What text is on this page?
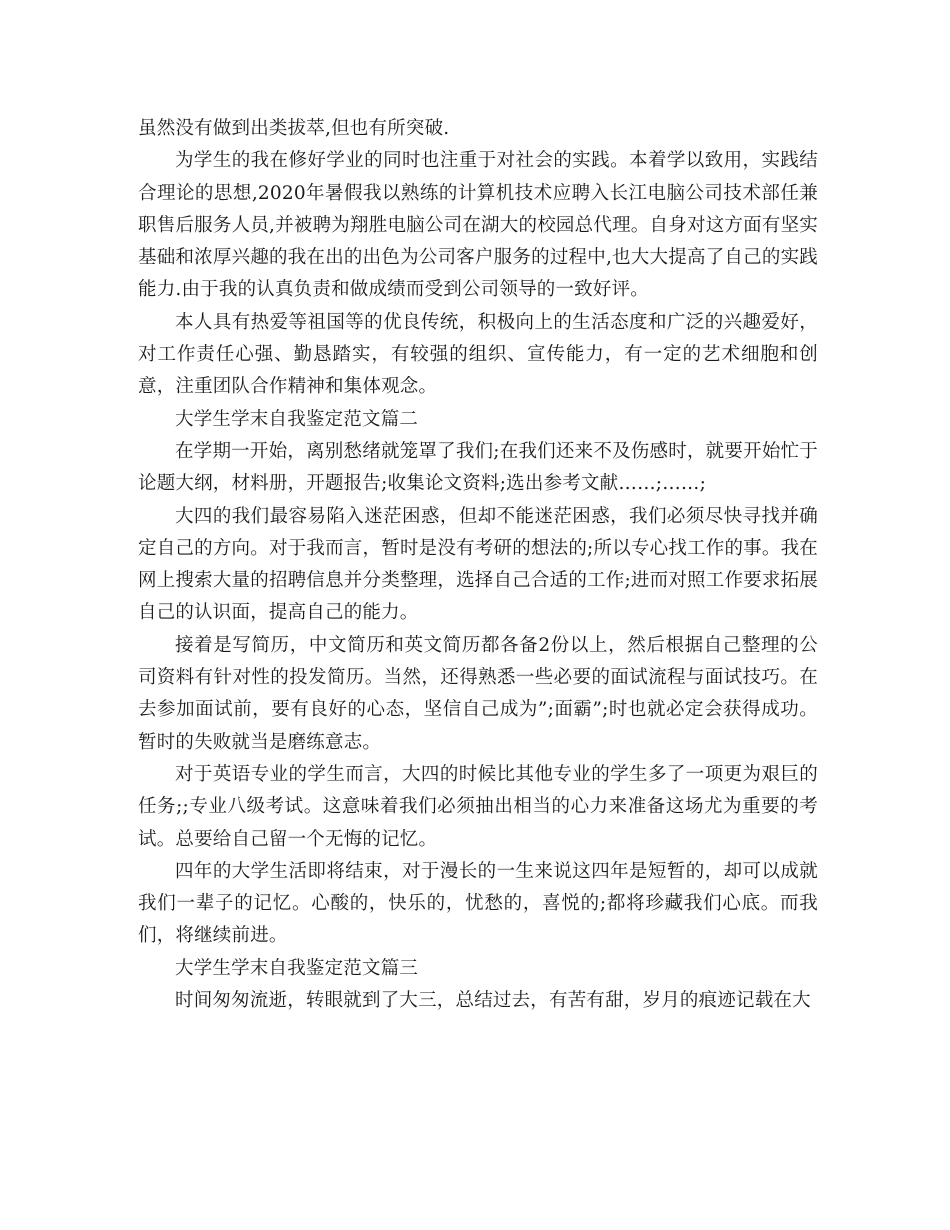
虽然没有做到出类拔萃,但也有所突破.

为学生的我在修好学业的同时也注重于对社会的实践。本着学以致用，实践结合理论的思想,2020年暑假我以熟练的计算机技术应聘入长江电脑公司技术部任兼职售后服务人员,并被聘为翔胜电脑公司在湖大的校园总代理。自身对这方面有坚实基础和浓厚兴趣的我在出的出色为公司客户服务的过程中,也大大提高了自己的实践能力.由于我的认真负责和做成绩而受到公司领导的一致好评。

本人具有热爱等祖国等的优良传统，积极向上的生活态度和广泛的兴趣爱好，对工作责任心强、勤恳踏实，有较强的组织、宣传能力，有一定的艺术细胞和创意，注重团队合作精神和集体观念。

大学生学末自我鉴定范文篇二

在学期一开始，离别愁绪就笼罩了我们;在我们还来不及伤感时，就要开始忙于论题大纲，材料册，开题报告;收集论文资料;选出参考文献……;……;

大四的我们最容易陷入迷茫困惑，但却不能迷茫困惑，我们必须尽快寻找并确定自己的方向。对于我而言，暂时是没有考研的想法的;所以专心找工作的事。我在网上搜索大量的招聘信息并分类整理，选择自己合适的工作;进而对照工作要求拓展自己的认识面，提高自己的能力。

接着是写简历，中文简历和英文简历都各备2份以上，然后根据自己整理的公司资料有针对性的投发简历。当然，还得熟悉一些必要的面试流程与面试技巧。在去参加面试前，要有良好的心态，坚信自己成为”;面霸”;时也就必定会获得成功。暂时的失败就当是磨练意志。

对于英语专业的学生而言，大四的时候比其他专业的学生多了一项更为艰巨的任务;;专业八级考试。这意味着我们必须抽出相当的心力来准备这场尤为重要的考试。总要给自己留一个无悔的记忆。

四年的大学生活即将结束，对于漫长的一生来说这四年是短暂的，却可以成就我们一辈子的记忆。心酸的，快乐的，忧愁的，喜悦的;都将珍藏我们心底。而我们，将继续前进。

大学生学末自我鉴定范文篇三

时间匆匆流逝，转眼就到了大三，总结过去，有苦有甜，岁月的痕迹记载在大
